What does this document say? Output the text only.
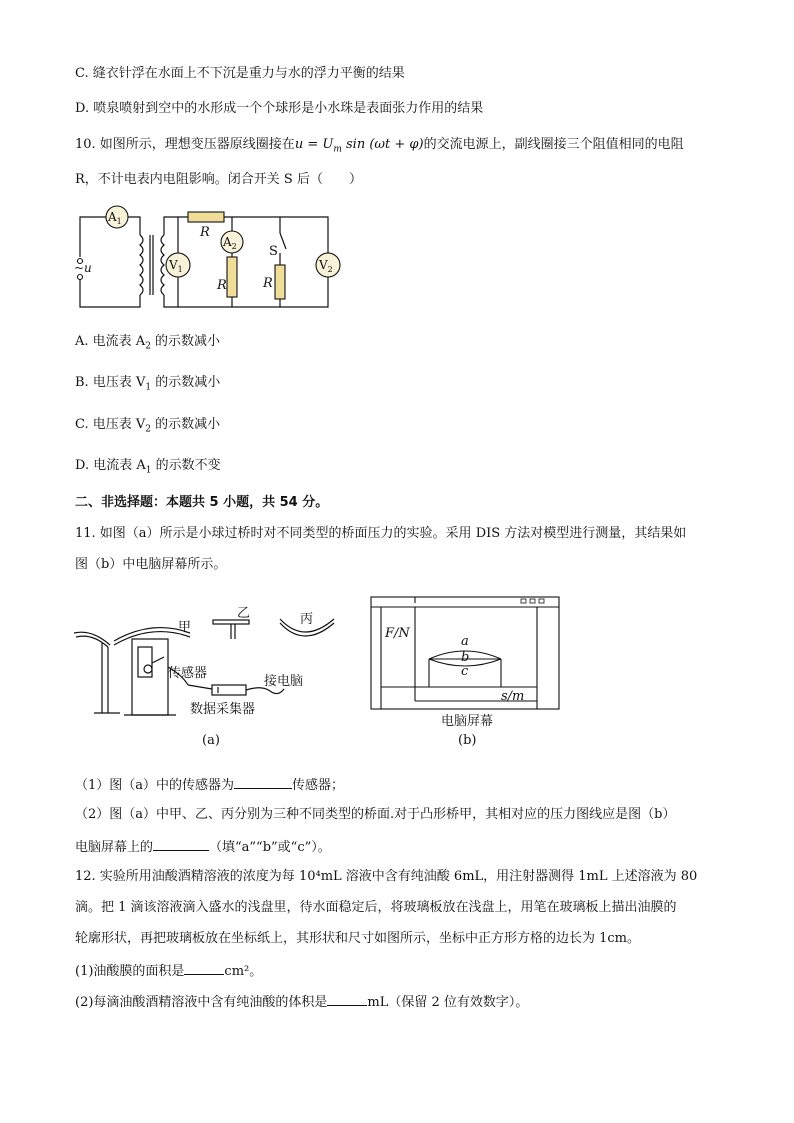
C. 缝衣针浮在水面上不下沉是重力与水的浮力平衡的结果
D. 喷泉喷射到空中的水形成一个个球形是小水珠是表面张力作用的结果
10. 如图所示，理想变压器原线圈接在$u = U_m$ sin (ωt + φ)的交流电源上，副线圈接三个阻值相同的电阻
R，不计电表内电阻影响。闭合开关 S 后（　　）
$A_1$
$V_1$
$A_2$
$V_2$
R
R	R
S
~u
A. 电流表 $A_2$ 的示数减小
B. 电压表 $V_1$ 的示数减小
C. 电压表 $V_2$ 的示数减小
D. 电流表 $A_1$ 的示数不变
二、非选择题：本题共 5 小题，共 54 分。
11. 如图（a）所示是小球过桥时对不同类型的桥面压力的实验。采用 DIS 方法对模型进行测量，其结果如
图（b）中电脑屏幕所示。
甲
乙	丙
传感器
接电脑
数据采集器
(a)
F/N
s/m
a
b
c
电脑屏幕
(b)
（1）图（a）中的传感器为	传感器；
（2）图（a）中甲、乙、丙分别为三种不同类型的桥面.对于凸形桥甲，其相对应的压力图线应是图（b）
电脑屏幕上的	（填“a”“b”或“c”）。
12. 实验所用油酸酒精溶液的浓度为每 10⁴mL 溶液中含有纯油酸 6mL，用注射器测得 1mL 上述溶液为 80
滴。把 1 滴该溶液滴入盛水的浅盘里，待水面稳定后，将玻璃板放在浅盘上，用笔在玻璃板上描出油膜的
轮廓形状，再把玻璃板放在坐标纸上，其形状和尺寸如图所示，坐标中正方形方格的边长为 1cm。
(1)油酸膜的面积是	cm²。
(2)每滴油酸酒精溶液中含有纯油酸的体积是	mL（保留 2 位有效数字）。
